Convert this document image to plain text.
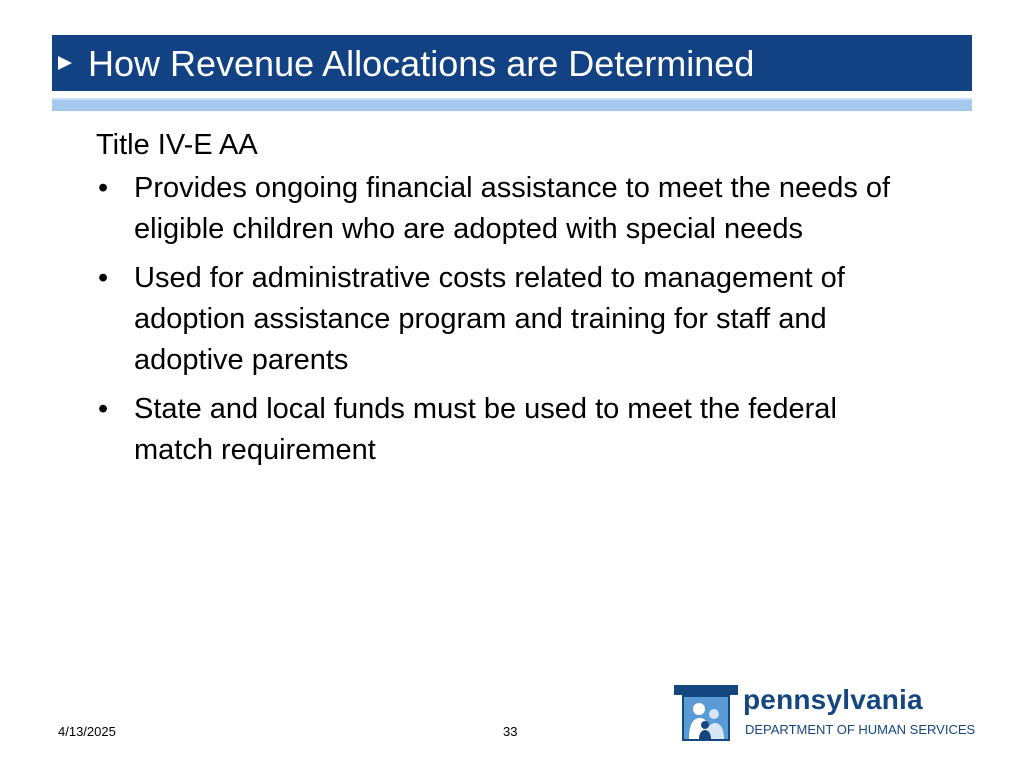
How Revenue Allocations are Determined
Title IV-E AA
• Provides ongoing financial assistance to meet the needs of eligible children who are adopted with special needs
• Used for administrative costs related to management of adoption assistance program and training for staff and adoptive parents
• State and local funds must be used to meet the federal match requirement
4/13/2025	33
pennsylvania
DEPARTMENT OF HUMAN SERVICES
